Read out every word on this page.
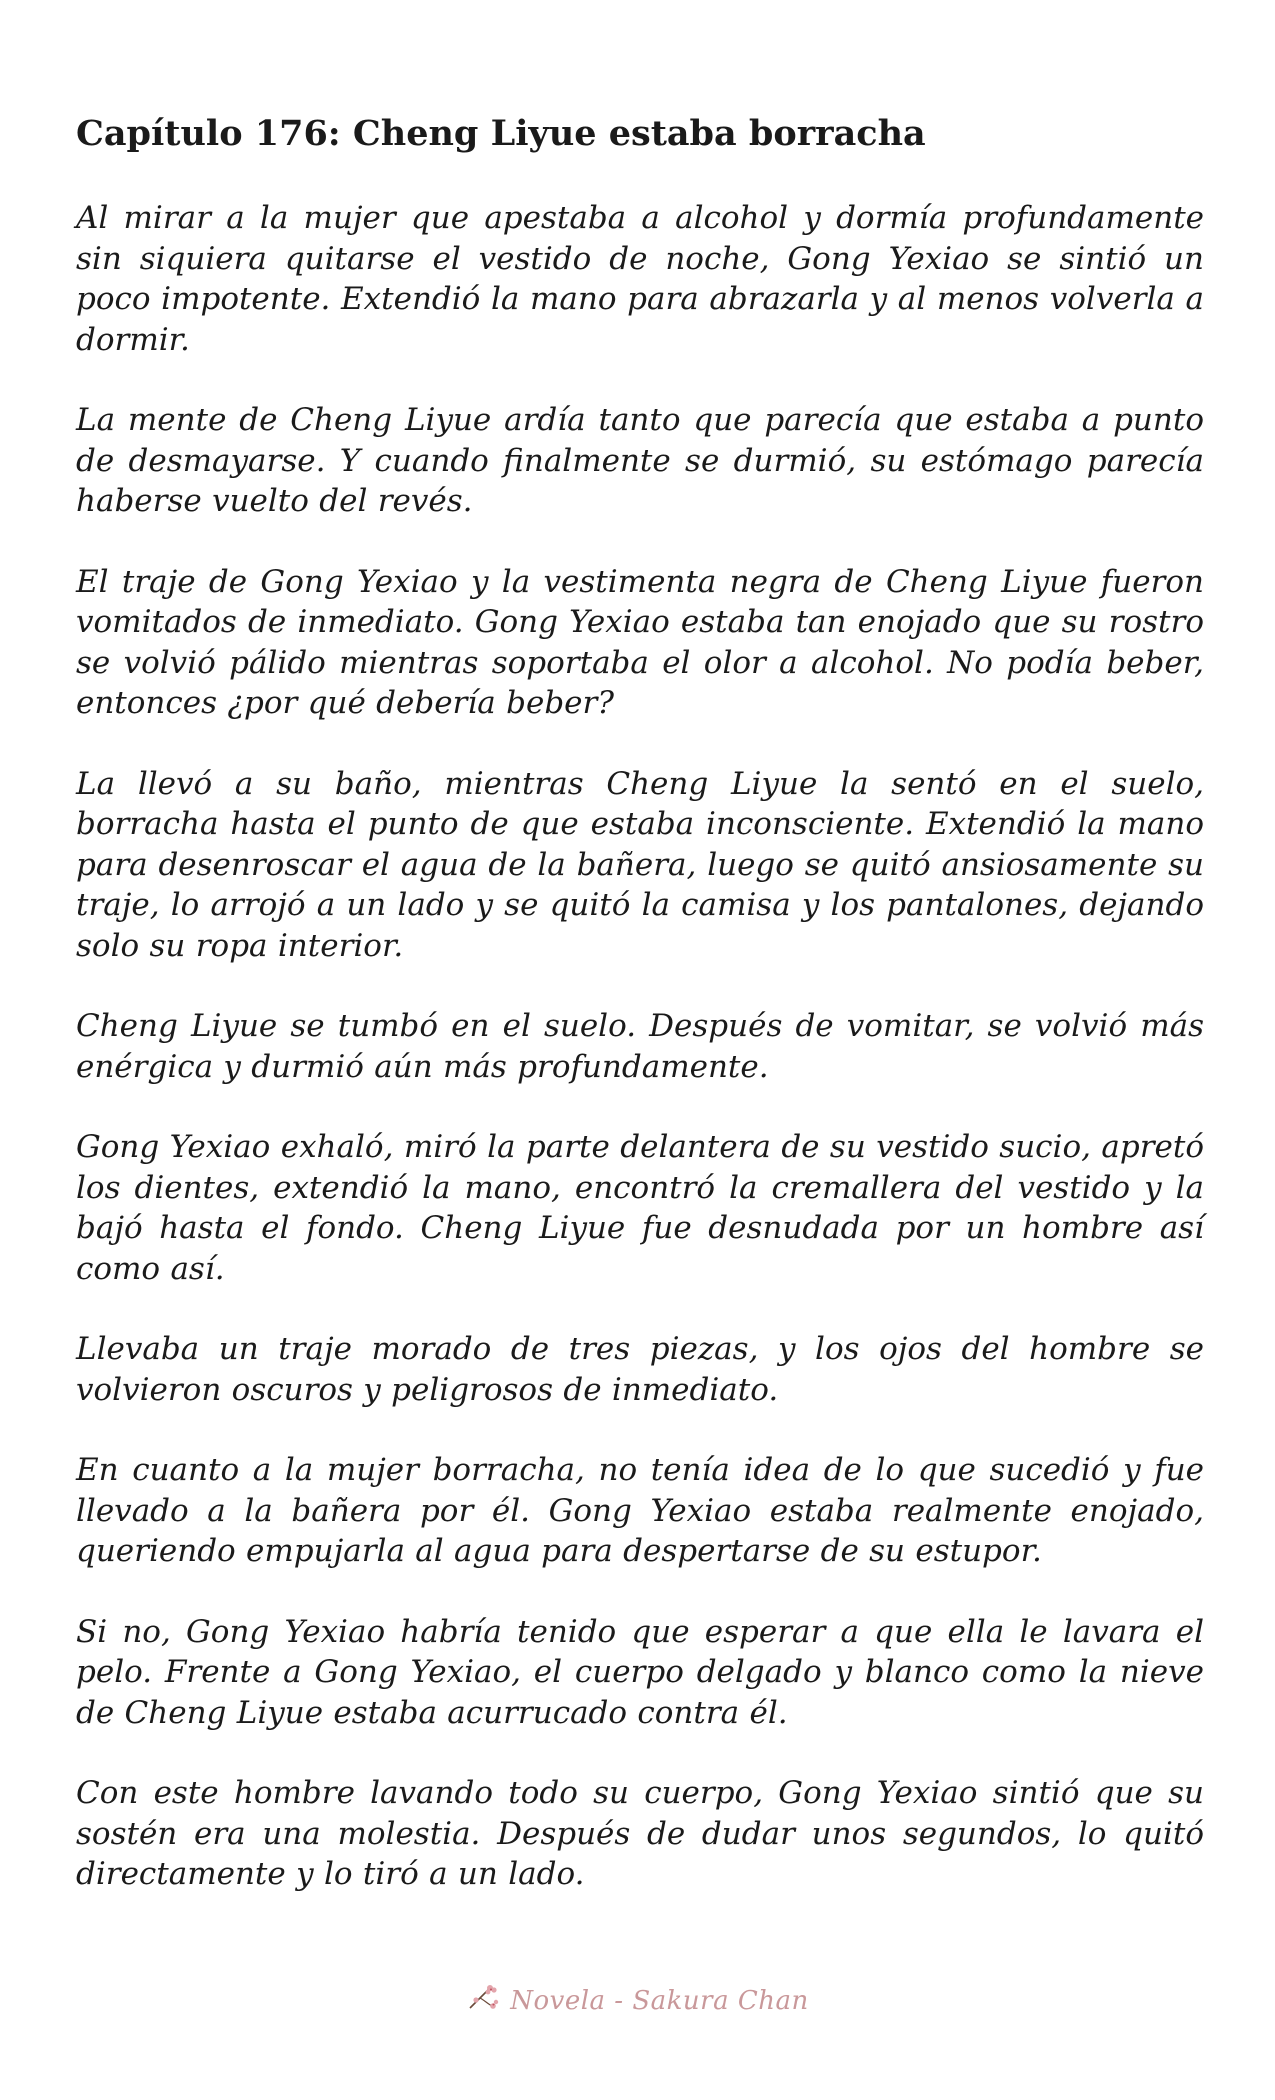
Capítulo 176: Cheng Liyue estaba borracha

Al mirar a la mujer que apestaba a alcohol y dormía profundamente sin siquiera quitarse el vestido de noche, Gong Yexiao se sintió un poco impotente. Extendió la mano para abrazarla y al menos volverla a dormir.

La mente de Cheng Liyue ardía tanto que parecía que estaba a punto de desmayarse. Y cuando finalmente se durmió, su estómago parecía haberse vuelto del revés.

El traje de Gong Yexiao y la vestimenta negra de Cheng Liyue fueron vomitados de inmediato. Gong Yexiao estaba tan enojado que su rostro se volvió pálido mientras soportaba el olor a alcohol. No podía beber, entonces ¿por qué debería beber?

La llevó a su baño, mientras Cheng Liyue la sentó en el suelo, borracha hasta el punto de que estaba inconsciente. Extendió la mano para desenroscar el agua de la bañera, luego se quitó ansiosamente su traje, lo arrojó a un lado y se quitó la camisa y los pantalones, dejando solo su ropa interior.

Cheng Liyue se tumbó en el suelo. Después de vomitar, se volvió más enérgica y durmió aún más profundamente.

Gong Yexiao exhaló, miró la parte delantera de su vestido sucio, apretó los dientes, extendió la mano, encontró la cremallera del vestido y la bajó hasta el fondo. Cheng Liyue fue desnudada por un hombre así como así.

Llevaba un traje morado de tres piezas, y los ojos del hombre se volvieron oscuros y peligrosos de inmediato.

En cuanto a la mujer borracha, no tenía idea de lo que sucedió y fue llevado a la bañera por él. Gong Yexiao estaba realmente enojado, queriendo empujarla al agua para despertarse de su estupor.

Si no, Gong Yexiao habría tenido que esperar a que ella le lavara el pelo. Frente a Gong Yexiao, el cuerpo delgado y blanco como la nieve de Cheng Liyue estaba acurrucado contra él.

Con este hombre lavando todo su cuerpo, Gong Yexiao sintió que su sostén era una molestia. Después de dudar unos segundos, lo quitó directamente y lo tiró a un lado.

Novela - Sakura Chan
